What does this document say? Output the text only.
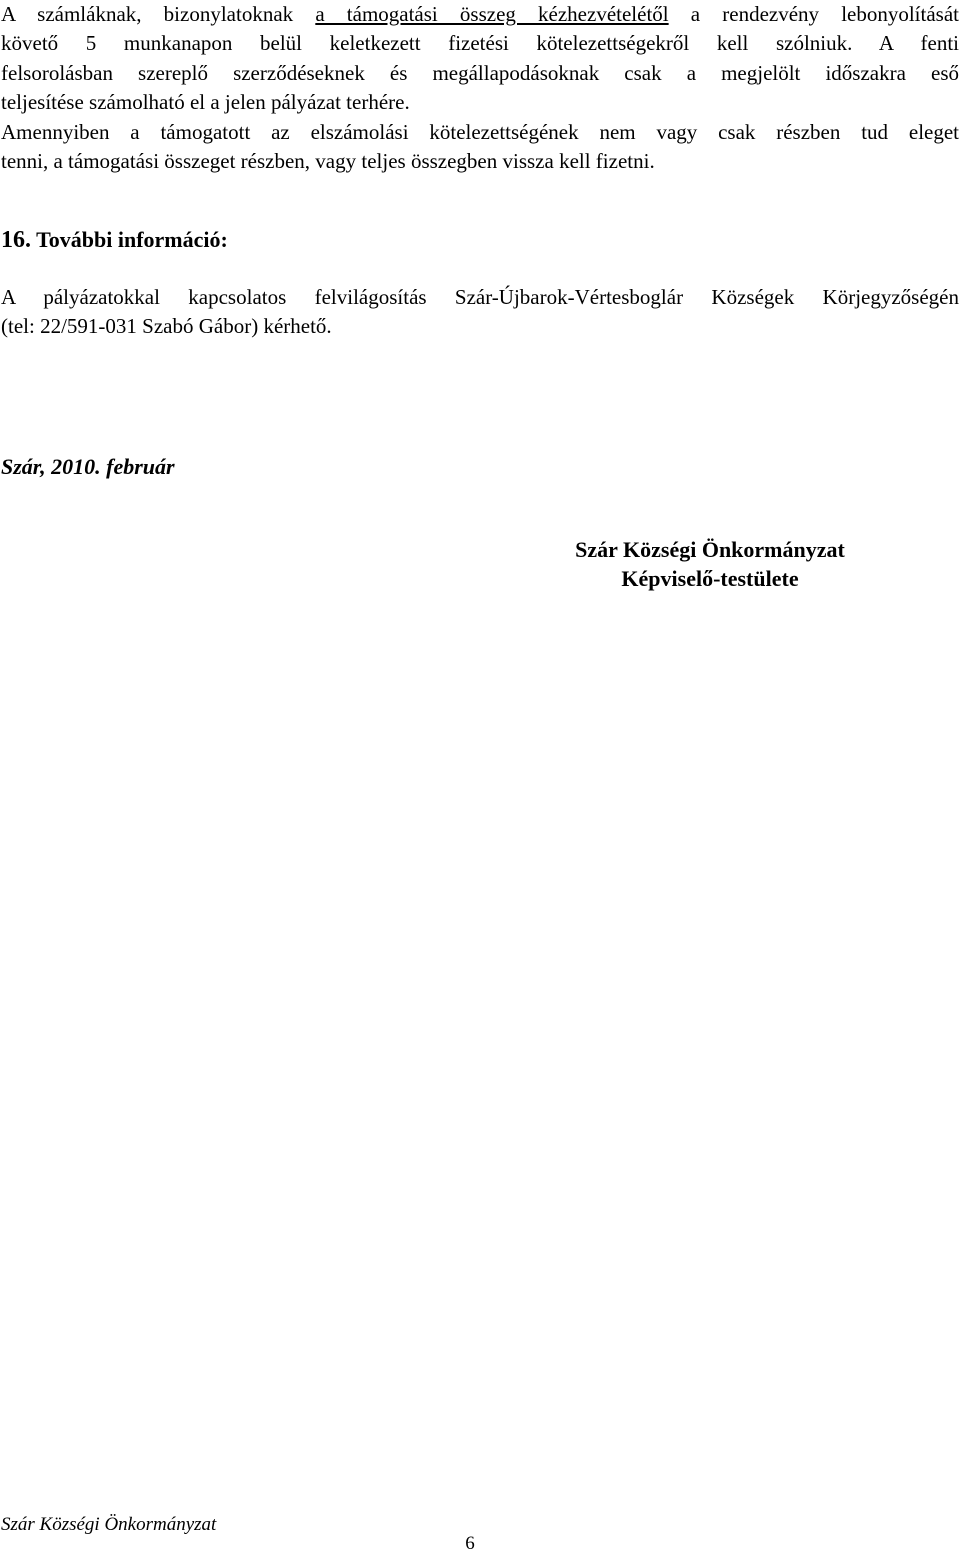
A számláknak, bizonylatoknak a támogatási összeg kézhezvételétől a rendezvény lebonyolítását
követő 5 munkanapon belül keletkezett fizetési kötelezettségekről kell szólniuk. A fenti
felsorolásban szereplő szerződéseknek és megállapodásoknak csak a megjelölt időszakra eső
teljesítése számolható el a jelen pályázat terhére.
Amennyiben a támogatott az elszámolási kötelezettségének nem vagy csak részben tud eleget
tenni, a támogatási összeget részben, vagy teljes összegben vissza kell fizetni.
16. További információ:
A pályázatokkal kapcsolatos felvilágosítás Szár-Újbarok-Vértesboglár Községek Körjegyzőségén
(tel: 22/591-031 Szabó Gábor) kérhető.
Szár, 2010. február
Szár Községi Önkormányzat
Képviselő-testülete
Szár Községi Önkormányzat
6
